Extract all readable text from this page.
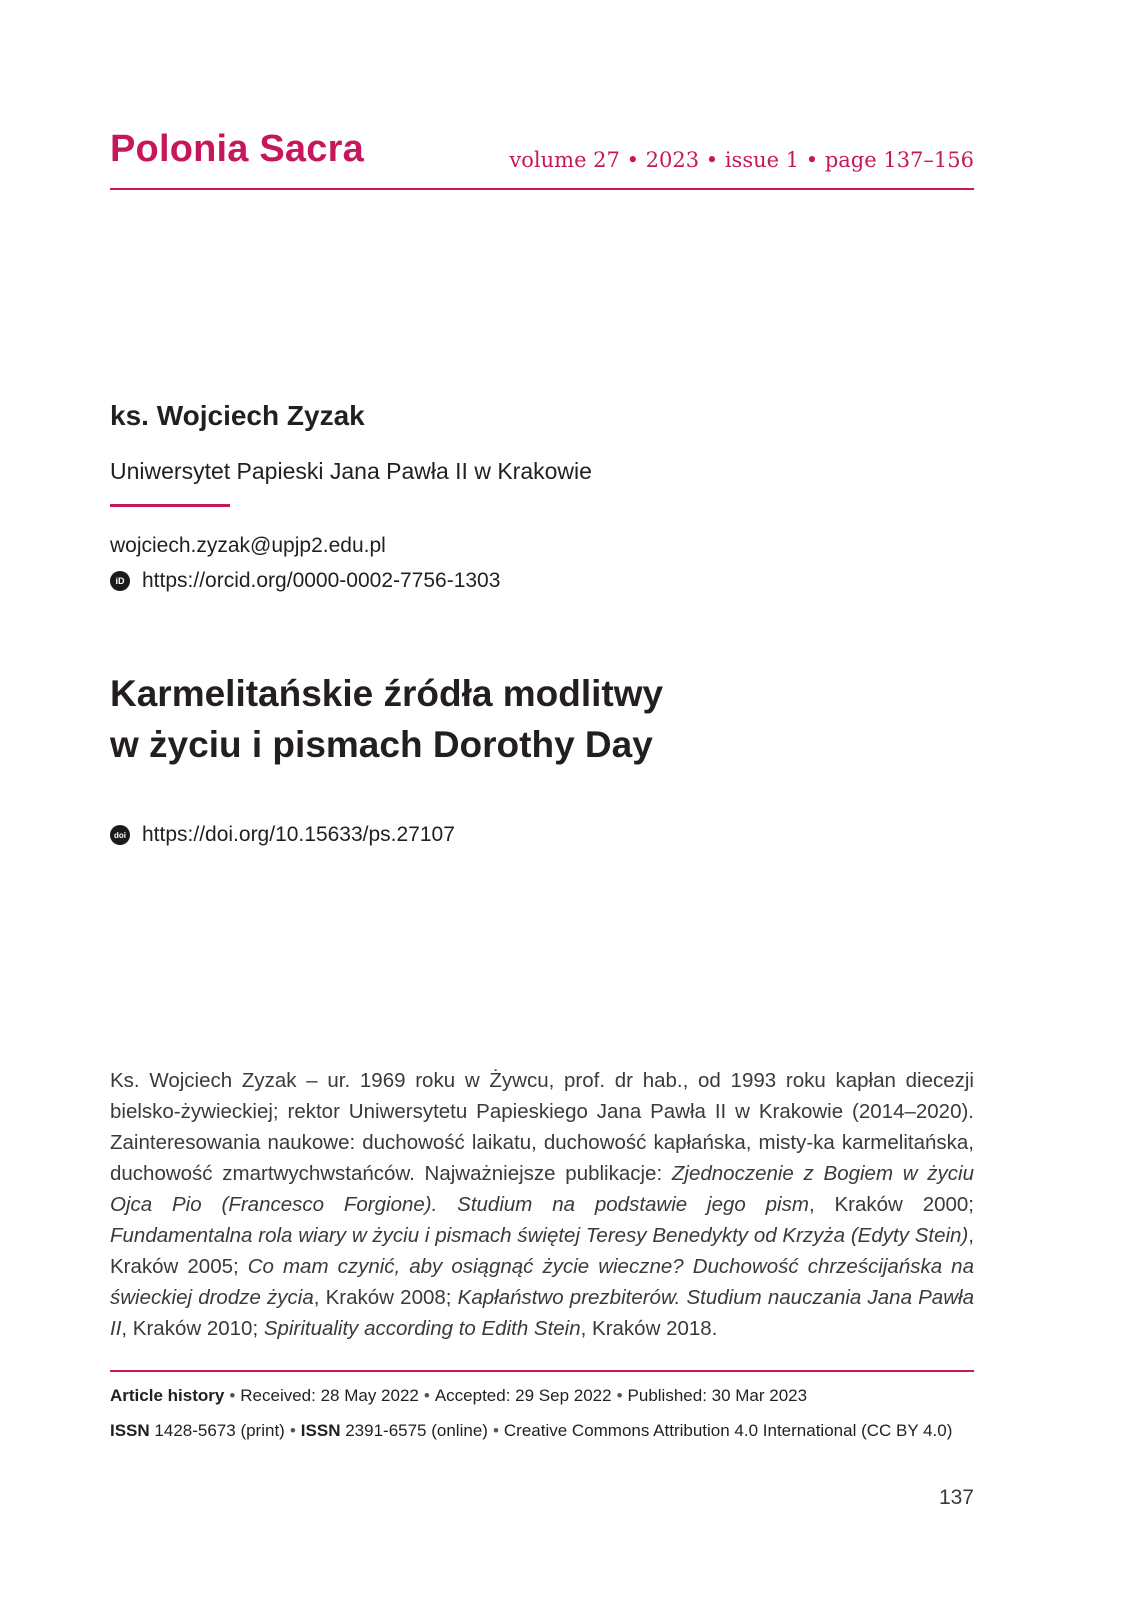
Polonia Sacra	volume 27 • 2023 • issue 1 • page 137–156
ks. Wojciech Zyzak
Uniwersytet Papieski Jana Pawła II w Krakowie
wojciech.zyzak@upjp2.edu.pl
iD https://orcid.org/0000-0002-7756-1303
Karmelitańskie źródła modlitwy
w życiu i pismach Dorothy Day
doi https://doi.org/10.15633/ps.27107

Ks. Wojciech Zyzak – ur. 1969 roku w Żywcu, prof. dr hab., od 1993 roku kapłan diecezji bielsko-żywieckiej; rektor Uniwersytetu Papieskiego Jana Pawła II w Krakowie (2014–2020). Zainteresowania naukowe: duchowość laikatu, duchowość kapłańska, misty-ka karmelitańska, duchowość zmartwychwstańców. Najważniejsze publikacje: Zjednoczenie z Bogiem w życiu Ojca Pio (Francesco Forgione). Studium na podstawie jego pism, Kraków 2000; Fundamentalna rola wiary w życiu i pismach świętej Teresy Benedykty od Krzyża (Edyty Stein), Kraków 2005; Co mam czynić, aby osiągnąć życie wieczne? Duchowość chrześcijańska na świeckiej drodze życia, Kraków 2008; Kapłaństwo prezbiterów. Studium nauczania Jana Pawła II, Kraków 2010; Spirituality according to Edith Stein, Kraków 2018.

Article history • Received: 28 May 2022 • Accepted: 29 Sep 2022 • Published: 30 Mar 2023
ISSN 1428-5673 (print) • ISSN 2391-6575 (online) • Creative Commons Attribution 4.0 International (CC BY 4.0)
137
